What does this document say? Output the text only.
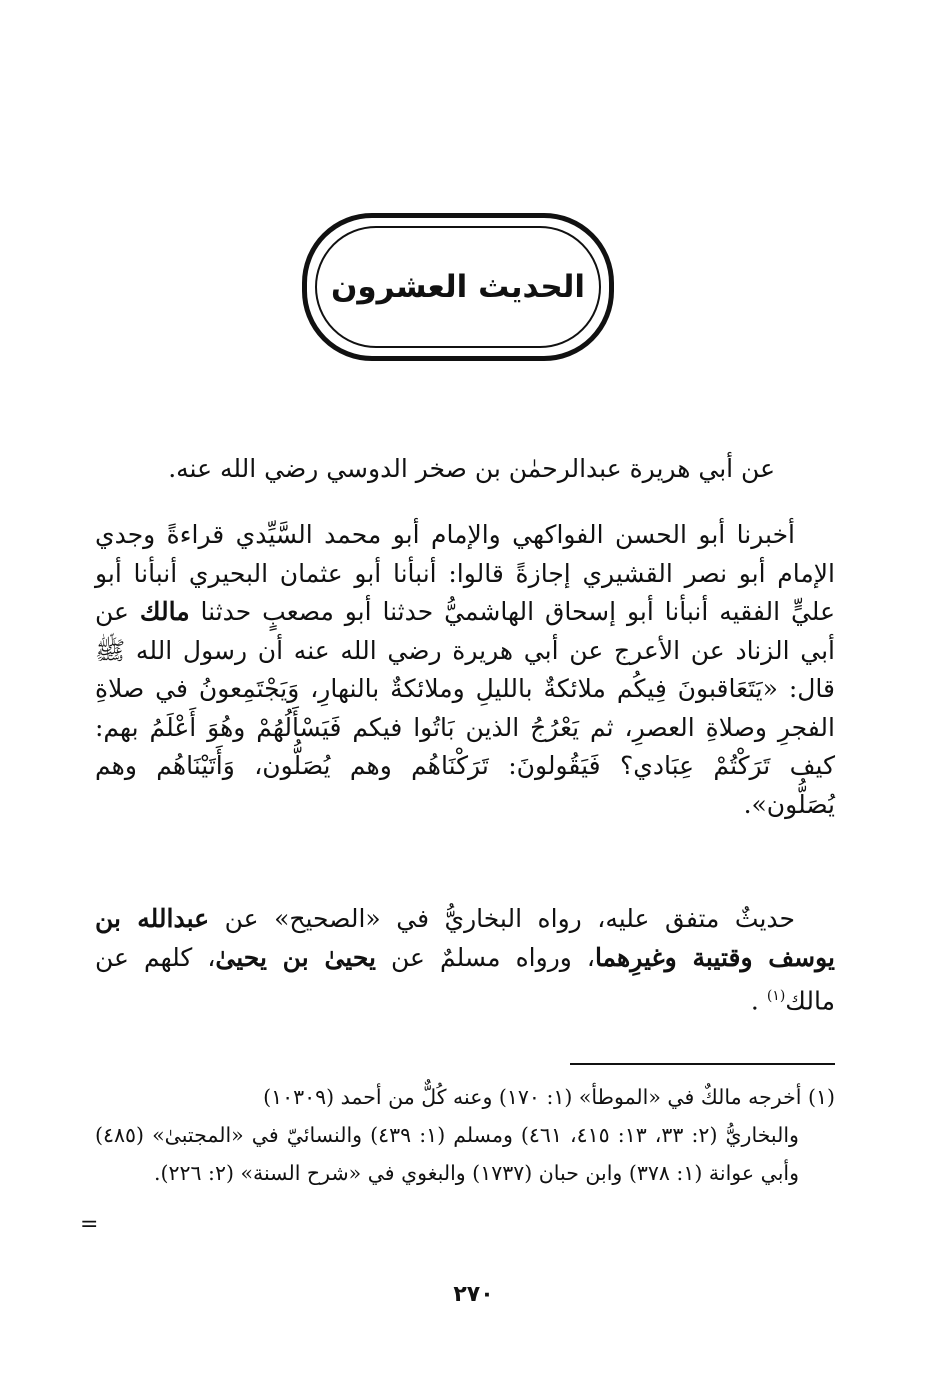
الحديث العشرون
عن أبي هريرة عبدالرحمٰن بن صخر الدوسي رضي الله عنه.
أخبرنا أبو الحسن الفواكهي والإمام أبو محمد السَّيِّدي قراءةً وجدي الإمام أبو نصر القشيري إجازةً قالوا: أنبأنا أبو عثمان البحيري أنبأنا أبو عليٍّ الفقيه أنبأنا أبو إسحاق الهاشميُّ حدثنا أبو مصعبٍ حدثنا مالك عن أبي الزناد عن الأعرج عن أبي هريرة رضي الله عنه أن رسول الله ﷺ قال: «يَتَعَاقبونَ فِيكُم ملائكةٌ بالليلِ وملائكةٌ بالنهارِ، وَيَجْتَمِعونُ في صلاةِ الفجرِ وصلاةِ العصرِ، ثم يَعْرُجُ الذين بَاتُوا فيكم فَيَسْأَلُهُمْ وهُوَ أَعْلَمُ بهم: كيف تَرَكْتُمْ عِبَادي؟ فَيَقُولونَ: تَرَكْنَاهُم وهم يُصَلُّون، وَأَتَيْنَاهُم وهم يُصَلُّون».
حديثٌ متفق عليه، رواه البخاريُّ في «الصحيح» عن عبدالله بن يوسف وقتيبة وغيرِهما، ورواه مسلمٌ عن يحيىٰ بن يحيىٰ، كلهم عن مالك$^{(١)}$ .
(١) أخرجه مالكٌ في «الموطأ» (١: ١٧٠) وعنه كُلٌّ من أحمد (١٠٣٠٩)
والبخاريُّ (٢: ٣٣، ١٣: ٤١٥، ٤٦١) ومسلم (١: ٤٣٩) والنسائيّ في «المجتبىٰ» (٤٨٥) وأبي عوانة (١: ٣٧٨) وابن حبان (١٧٣٧) والبغوي في «شرح السنة» (٢: ٢٢٦).
=
٢٧٠
